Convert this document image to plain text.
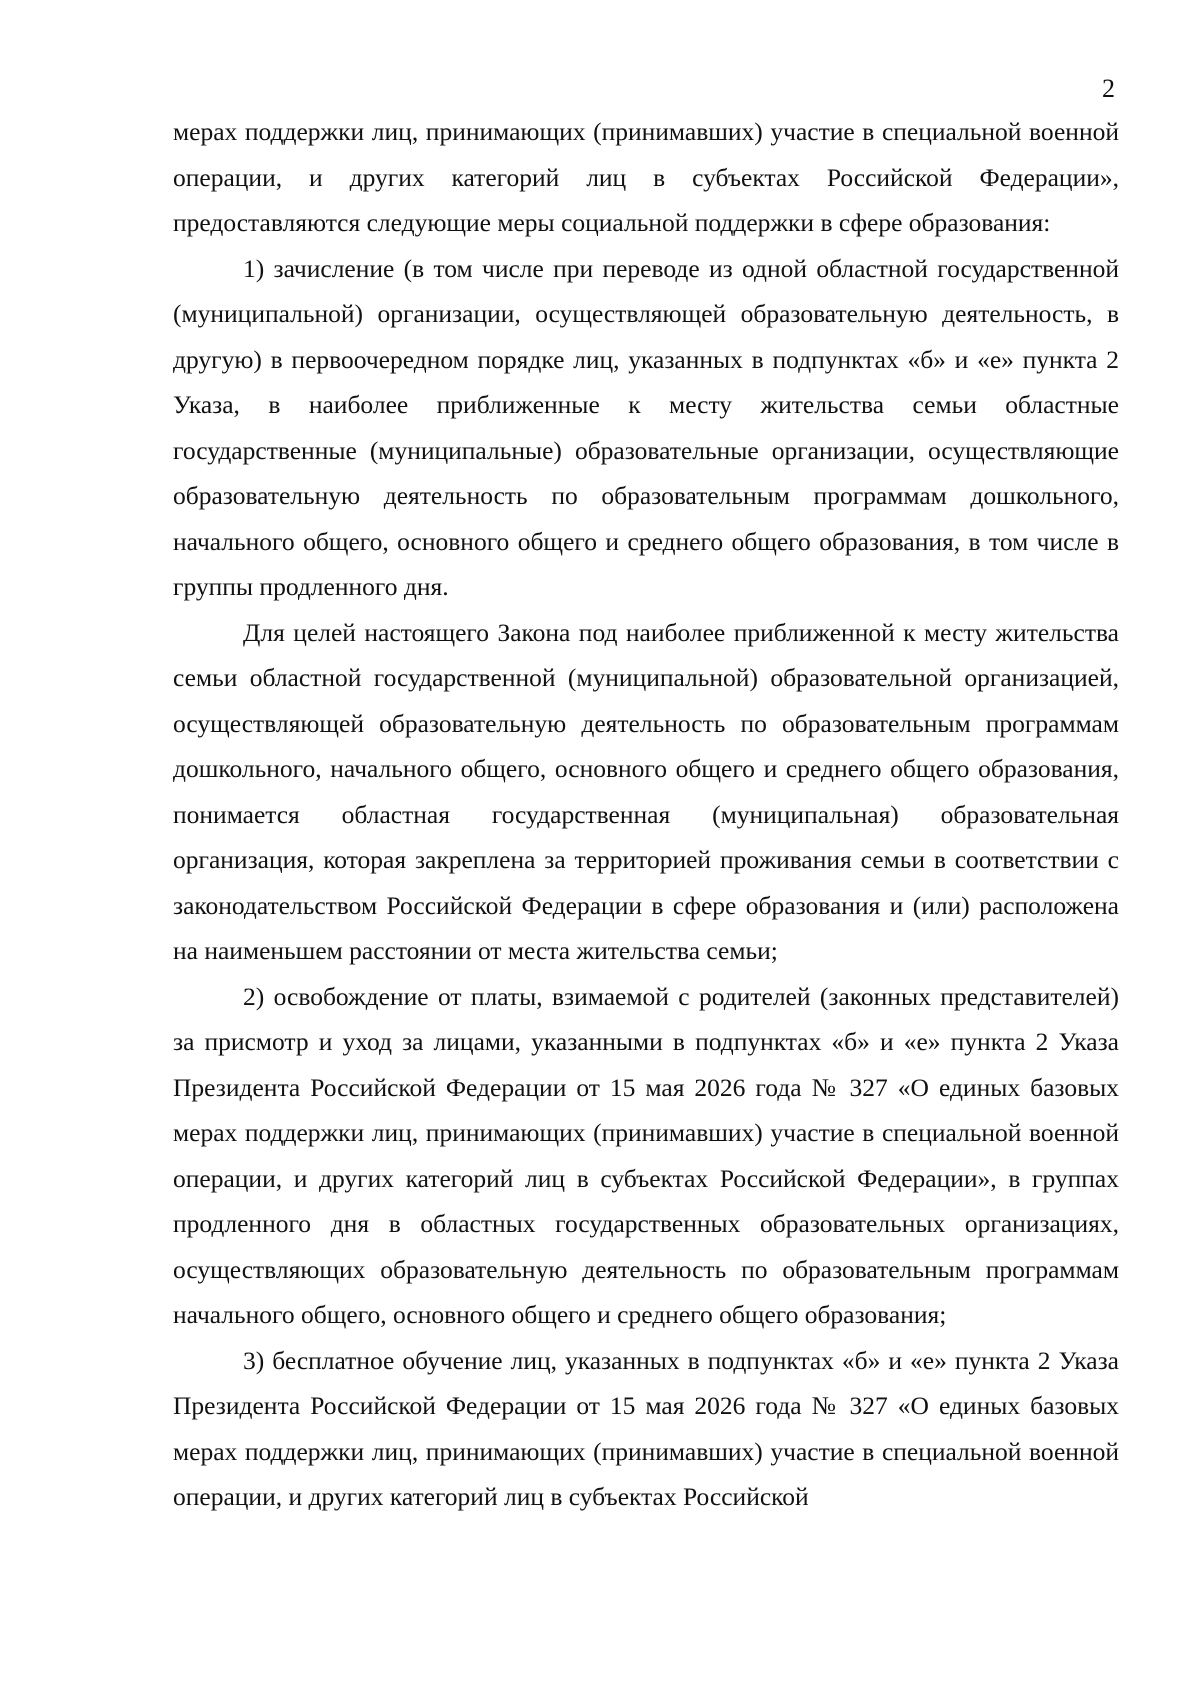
2

мерах поддержки лиц, принимающих (принимавших) участие в специальной военной операции, и других категорий лиц в субъектах Российской Федерации», предоставляются следующие меры социальной поддержки в сфере образования:

1) зачисление (в том числе при переводе из одной областной государственной (муниципальной) организации, осуществляющей образовательную деятельность, в другую) в первоочередном порядке лиц, указанных в подпунктах «б» и «е» пункта 2 Указа, в наиболее приближенные к месту жительства семьи областные государственные (муниципальные) образовательные организации, осуществляющие образовательную деятельность по образовательным программам дошкольного, начального общего, основного общего и среднего общего образования, в том числе в группы продленного дня.

Для целей настоящего Закона под наиболее приближенной к месту жительства семьи областной государственной (муниципальной) образовательной организацией, осуществляющей образовательную деятельность по образовательным программам дошкольного, начального общего, основного общего и среднего общего образования, понимается областная государственная (муниципальная) образовательная организация, которая закреплена за территорией проживания семьи в соответствии с законодательством Российской Федерации в сфере образования и (или) расположена на наименьшем расстоянии от места жительства семьи;

2) освобождение от платы, взимаемой с родителей (законных представителей) за присмотр и уход за лицами, указанными в подпунктах «б» и «е» пункта 2 Указа Президента Российской Федерации от 15 мая 2026 года № 327 «О единых базовых мерах поддержки лиц, принимающих (принимавших) участие в специальной военной операции, и других категорий лиц в субъектах Российской Федерации», в группах продленного дня в областных государственных образовательных организациях, осуществляющих образовательную деятельность по образовательным программам начального общего, основного общего и среднего общего образования;

3) бесплатное обучение лиц, указанных в подпунктах «б» и «е» пункта 2 Указа Президента Российской Федерации от 15 мая 2026 года № 327 «О единых базовых мерах поддержки лиц, принимающих (принимавших) участие в специальной военной операции, и других категорий лиц в субъектах Российской
